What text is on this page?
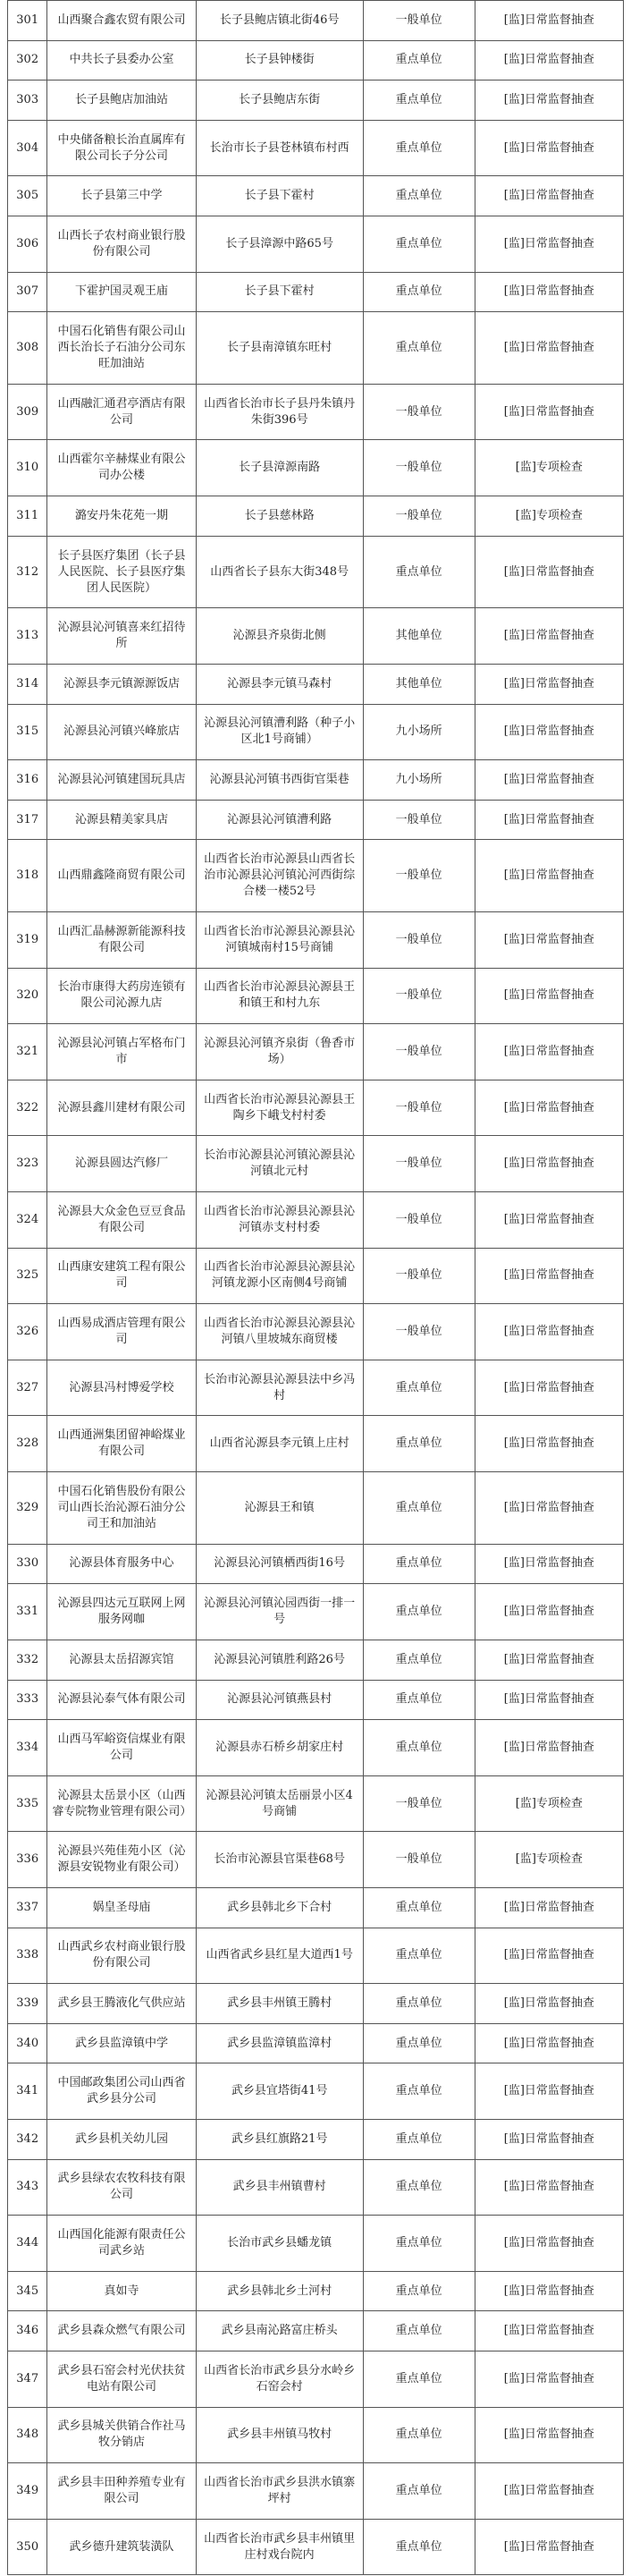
301	山西聚合鑫农贸有限公司	长子县鲍店镇北街46号	一般单位	[监]日常监督抽查
302	中共长子县委办公室	长子县钟楼街	重点单位	[监]日常监督抽查
303	长子县鲍店加油站	长子县鲍店东街	重点单位	[监]日常监督抽查
304	中央储备粮长治直属库有限公司长子分公司	长治市长子县苍林镇布村西	重点单位	[监]日常监督抽查
305	长子县第三中学	长子县下霍村	重点单位	[监]日常监督抽查
306	山西长子农村商业银行股份有限公司	长子县漳源中路65号	重点单位	[监]日常监督抽查
307	下霍护国灵观王庙	长子县下霍村	重点单位	[监]日常监督抽查
308	中国石化销售有限公司山西长治长子石油分公司东旺加油站	长子县南漳镇东旺村	重点单位	[监]日常监督抽查
309	山西融汇通君亭酒店有限公司	山西省长治市长子县丹朱镇丹朱街396号	一般单位	[监]日常监督抽查
310	山西霍尔辛赫煤业有限公司办公楼	长子县漳源南路	一般单位	[监]专项检查
311	潞安丹朱花苑一期	长子县慈林路	一般单位	[监]专项检查
312	长子县医疗集团（长子县人民医院、长子县医疗集团人民医院）	山西省长子县东大街348号	重点单位	[监]日常监督抽查
313	沁源县沁河镇喜来红招待所	沁源县齐泉街北侧	其他单位	[监]日常监督抽查
314	沁源县李元镇源源饭店	沁源县李元镇马森村	其他单位	[监]日常监督抽查
315	沁源县沁河镇兴峰旅店	沁源县沁河镇漕利路（种子小区北1号商铺）	九小场所	[监]日常监督抽查
316	沁源县沁河镇建国玩具店	沁源县沁河镇书西街官渠巷	九小场所	[监]日常监督抽查
317	沁源县精美家具店	沁源县沁河镇漕利路	一般单位	[监]日常监督抽查
318	山西鼎鑫隆商贸有限公司	山西省长治市沁源县山西省长治市沁源县沁河镇沁河西街综合楼一楼52号	一般单位	[监]日常监督抽查
319	山西汇晶赫源新能源科技有限公司	山西省长治市沁源县沁源县沁河镇城南村15号商铺	一般单位	[监]日常监督抽查
320	长治市康得大药房连锁有限公司沁源九店	山西省长治市沁源县沁源县王和镇王和村九东	一般单位	[监]日常监督抽查
321	沁源县沁河镇占军格布门市	沁源县沁河镇齐泉街（鲁香市场）	一般单位	[监]日常监督抽查
322	沁源县鑫川建材有限公司	山西省长治市沁源县沁源县王陶乡下峨戈村村委	一般单位	[监]日常监督抽查
323	沁源县圆达汽修厂	长治市沁源县沁河镇沁源县沁河镇北元村	一般单位	[监]日常监督抽查
324	沁源县大众金色豆豆食品有限公司	山西省长治市沁源县沁源县沁河镇赤支村村委	一般单位	[监]日常监督抽查
325	山西康安建筑工程有限公司	山西省长治市沁源县沁源县沁河镇龙源小区南侧4号商铺	一般单位	[监]日常监督抽查
326	山西易成酒店管理有限公司	山西省长治市沁源县沁源县沁河镇八里坡城东商贸楼	一般单位	[监]日常监督抽查
327	沁源县冯村博爱学校	长治市沁源县沁源县法中乡冯村	重点单位	[监]日常监督抽查
328	山西通洲集团留神峪煤业有限公司	山西省沁源县李元镇上庄村	重点单位	[监]日常监督抽查
329	中国石化销售股份有限公司山西长治沁源石油分公司王和加油站	沁源县王和镇	重点单位	[监]日常监督抽查
330	沁源县体育服务中心	沁源县沁河镇栖西街16号	重点单位	[监]日常监督抽查
331	沁源县四达元互联网上网服务网咖	沁源县沁河镇沁园西街一排一号	重点单位	[监]日常监督抽查
332	沁源县太岳招源宾馆	沁源县沁河镇胜利路26号	重点单位	[监]日常监督抽查
333	沁源县沁泰气体有限公司	沁源县沁河镇燕县村	重点单位	[监]日常监督抽查
334	山西马军峪资信煤业有限公司	沁源县赤石桥乡胡家庄村	重点单位	[监]日常监督抽查
335	沁源县太岳景小区（山西睿专院物业管理有限公司）	沁源县沁河镇太岳丽景小区4号商铺	一般单位	[监]专项检查
336	沁源县兴苑佳苑小区（沁源县安锐物业有限公司）	长治市沁源县官渠巷68号	一般单位	[监]专项检查
337	娲皇圣母庙	武乡县韩北乡下合村	重点单位	[监]日常监督抽查
338	山西武乡农村商业银行股份有限公司	山西省武乡县红星大道西1号	重点单位	[监]日常监督抽查
339	武乡县王腾液化气供应站	武乡县丰州镇王腾村	重点单位	[监]日常监督抽查
340	武乡县监漳镇中学	武乡县监漳镇监漳村	重点单位	[监]日常监督抽查
341	中国邮政集团公司山西省武乡县分公司	武乡县宜塔街41号	重点单位	[监]日常监督抽查
342	武乡县机关幼儿园	武乡县红旗路21号	重点单位	[监]日常监督抽查
343	武乡县绿农农牧科技有限公司	武乡县丰州镇曹村	重点单位	[监]日常监督抽查
344	山西国化能源有限责任公司武乡站	长治市武乡县蟠龙镇	重点单位	[监]日常监督抽查
345	真如寺	武乡县韩北乡土河村	重点单位	[监]日常监督抽查
346	武乡县森众燃气有限公司	武乡县南沁路富庄桥头	重点单位	[监]日常监督抽查
347	武乡县石窑会村光伏扶贫电站有限公司	山西省长治市武乡县分水岭乡石窑会村	重点单位	[监]日常监督抽查
348	武乡县城关供销合作社马牧分销店	武乡县丰州镇马牧村	重点单位	[监]日常监督抽查
349	武乡县丰田种养殖专业有限公司	山西省长治市武乡县洪水镇寨坪村	重点单位	[监]日常监督抽查
350	武乡德升建筑装潢队	山西省长治市武乡县丰州镇里庄村戏台院内	重点单位	[监]日常监督抽查
